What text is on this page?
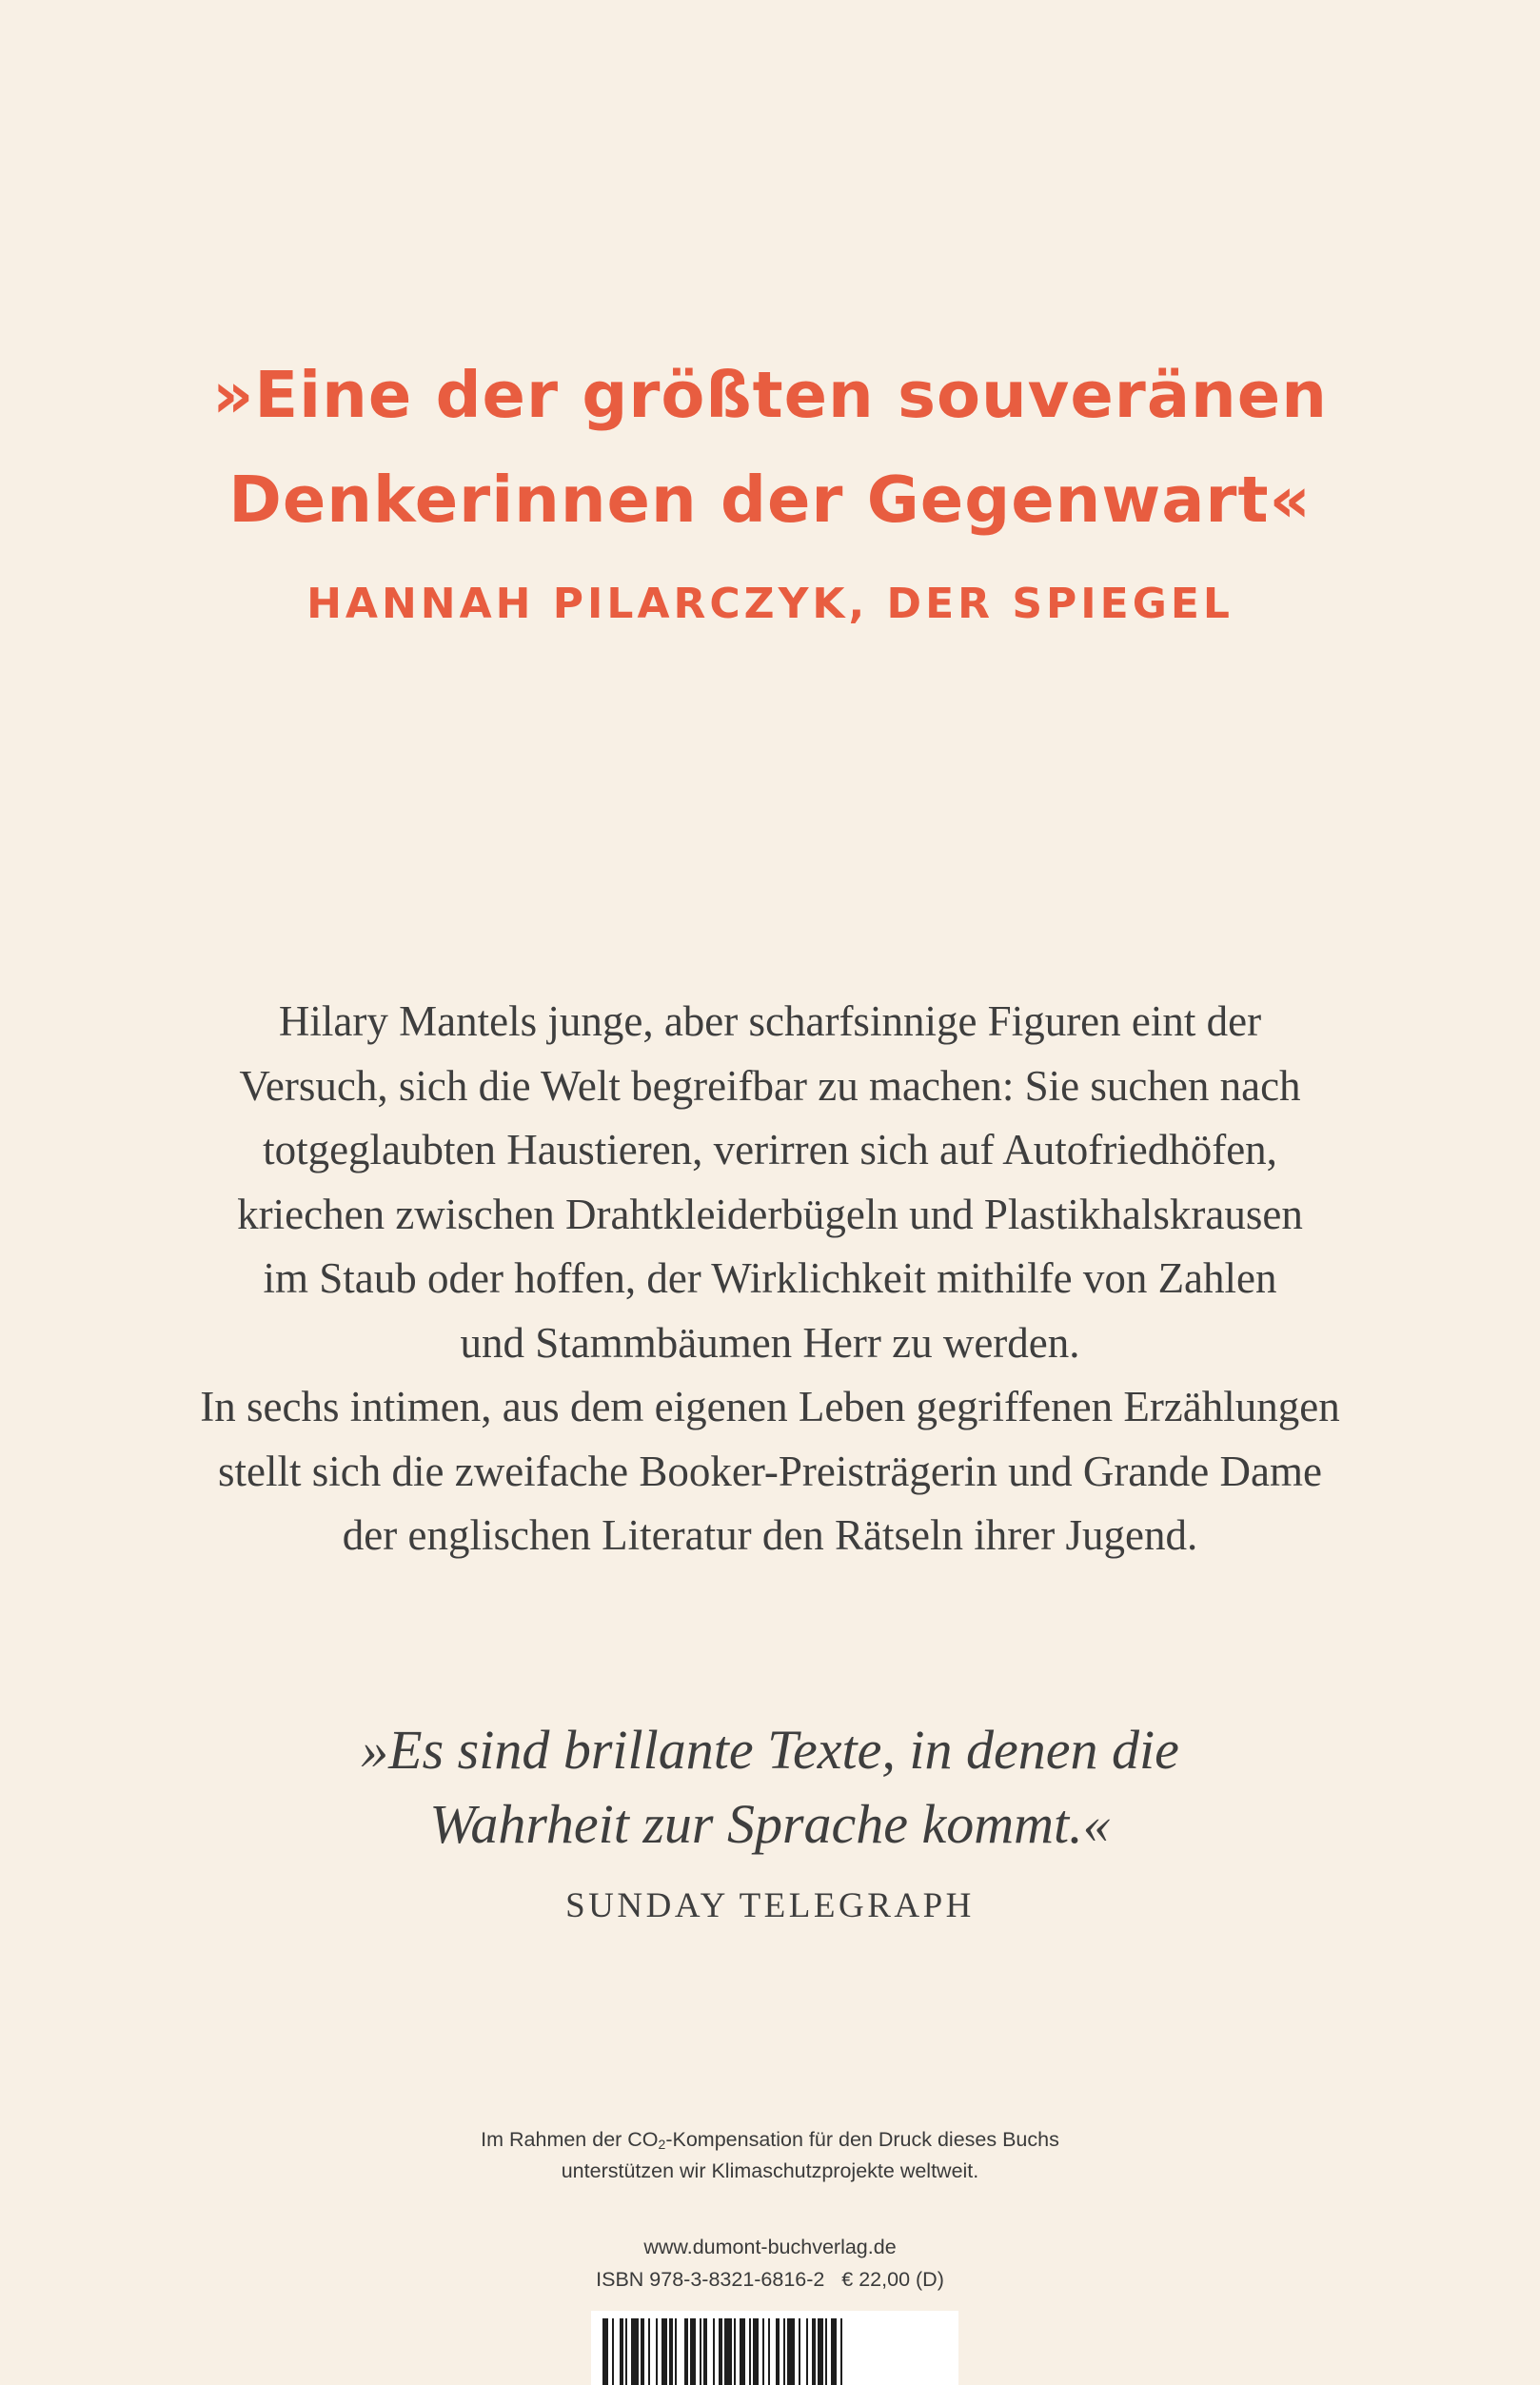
»Eine der größten souveränen
Denkerinnen der Gegenwart«
HANNAH PILARCZYK, DER SPIEGEL
Hilary Mantels junge, aber scharfsinnige Figuren eint der
Versuch, sich die Welt begreifbar zu machen: Sie suchen nach
totgeglaubten Haustieren, verirren sich auf Autofriedhöfen,
kriechen zwischen Drahtkleiderbügeln und Plastikhalskrausen
im Staub oder hoffen, der Wirklichkeit mithilfe von Zahlen
und Stammbäumen Herr zu werden.
In sechs intimen, aus dem eigenen Leben gegriffenen Erzählungen
stellt sich die zweifache Booker-Preisträgerin und Grande Dame
der englischen Literatur den Rätseln ihrer Jugend.
»Es sind brillante Texte, in denen die
Wahrheit zur Sprache kommt.«
SUNDAY TELEGRAPH
Im Rahmen der $CO_2$-Kompensation für den Druck dieses Buchs
unterstützen wir Klimaschutzprojekte weltweit.
www.dumont-buchverlag.de
ISBN 978-3-8321-6816-2   € 22,00 (D)
